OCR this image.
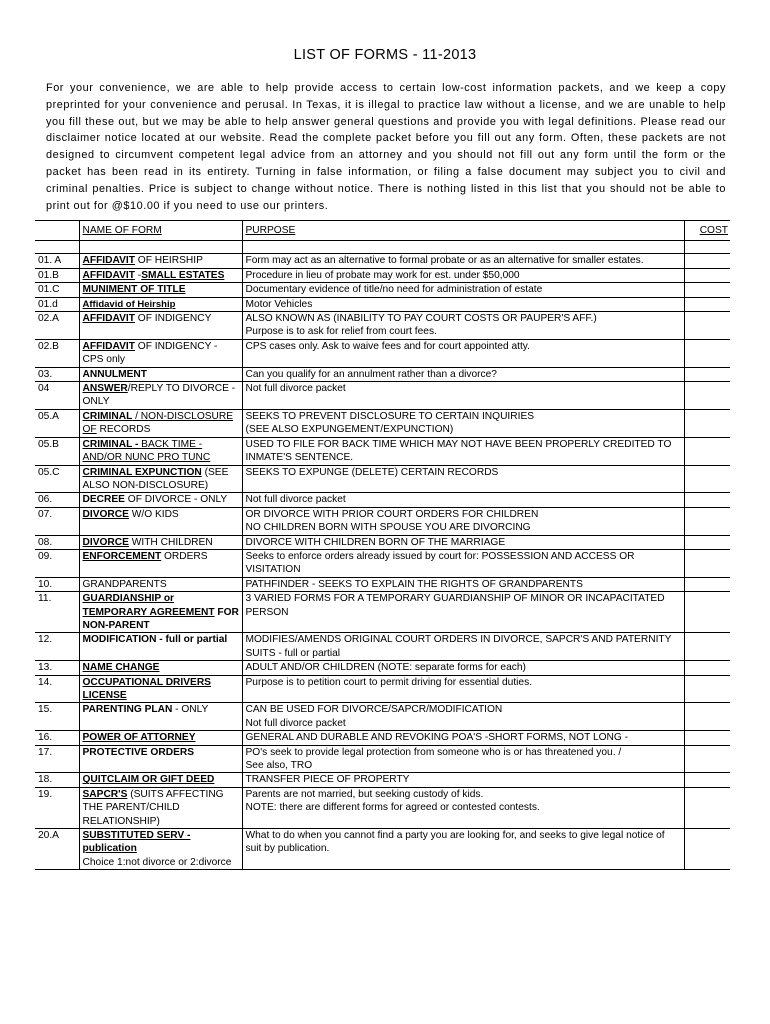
LIST OF FORMS - 11-2013

For your convenience, we are able to help provide access to certain low-cost information packets, and we keep a copy preprinted for your convenience and perusal. In Texas, it is illegal to practice law without a license, and we are unable to help you fill these out, but we may be able to help answer general questions and provide you with legal definitions. Please read our disclaimer notice located at our website. Read the complete packet before you fill out any form. Often, these packets are not designed to circumvent competent legal advice from an attorney and you should not fill out any form until the form or the packet has been read in its entirety. Turning in false information, or filing a false document may subject you to civil and criminal penalties. Price is subject to change without notice. There is nothing listed in this list that you should not be able to print out for @$10.00 if you need to use our printers.

	NAME OF FORM	PURPOSE	COST

01. A	AFFIDAVIT OF HEIRSHIP	Form may act as an alternative to formal probate or as an alternative for smaller estates.	

01.B	AFFIDAVIT -SMALL ESTATES	Procedure in lieu of probate may work for est. under $50,000	

01.C	MUNIMENT OF TITLE	Documentary evidence of title/no need for administration of estate	

01.d	Affidavid of Heirship	Motor Vehicles	

02.A	AFFIDAVIT OF INDIGENCY	ALSO KNOWN AS (INABILITY TO PAY COURT COSTS OR PAUPER'S AFF.)
Purpose is to ask for relief from court fees.	

02.B	AFFIDAVIT OF INDIGENCY - CPS only	CPS cases only. Ask to waive fees and for court appointed atty.	

03.	ANNULMENT	Can you qualify for an annulment rather than a divorce?	

04	ANSWER/REPLY TO DIVORCE - ONLY	Not full divorce packet	

05.A	CRIMINAL / NON-DISCLOSURE OF RECORDS	SEEKS TO PREVENT DISCLOSURE TO CERTAIN INQUIRIES
(SEE ALSO EXPUNGEMENT/EXPUNCTION)	

05.B	CRIMINAL - BACK TIME - AND/OR NUNC PRO TUNC	USED TO FILE FOR BACK TIME WHICH MAY NOT HAVE BEEN PROPERLY CREDITED TO INMATE'S SENTENCE.	

05.C	CRIMINAL EXPUNCTION (SEE ALSO NON-DISCLOSURE)	SEEKS TO EXPUNGE (DELETE) CERTAIN RECORDS	

06.	DECREE OF DIVORCE - ONLY	Not full divorce packet	

07.	DIVORCE W/O KIDS	OR DIVORCE WITH PRIOR COURT ORDERS FOR CHILDREN
NO CHILDREN BORN WITH SPOUSE YOU ARE DIVORCING	

08.	DIVORCE WITH CHILDREN	DIVORCE WITH CHILDREN BORN OF THE MARRIAGE	

09.	ENFORCEMENT ORDERS	Seeks to enforce orders already issued by court for: POSSESSION AND ACCESS OR VISITATION	

10.	GRANDPARENTS	PATHFINDER - SEEKS TO EXPLAIN THE RIGHTS OF GRANDPARENTS	

11.	GUARDIANSHIP or TEMPORARY AGREEMENT FOR NON-PARENT	3 VARIED FORMS FOR A TEMPORARY GUARDIANSHIP OF MINOR OR INCAPACITATED PERSON	

12.	MODIFICATION - full or partial	MODIFIES/AMENDS ORIGINAL COURT ORDERS IN DIVORCE, SAPCR'S AND PATERNITY SUITS - full or partial	

13.	NAME CHANGE	ADULT AND/OR CHILDREN (NOTE: separate forms for each)	

14.	OCCUPATIONAL DRIVERS LICENSE	Purpose is to petition court to permit driving for essential duties.	

15.	PARENTING PLAN - ONLY	CAN BE USED FOR DIVORCE/SAPCR/MODIFICATION
Not full divorce packet	

16.	POWER OF ATTORNEY	GENERAL AND DURABLE AND REVOKING POA'S -SHORT FORMS, NOT LONG -	

17.	PROTECTIVE ORDERS	PO's seek to provide legal protection from someone who is or has threatened you. /
See also, TRO	

18.	QUITCLAIM OR GIFT DEED	TRANSFER PIECE OF PROPERTY	

19.	SAPCR'S (SUITS AFFECTING THE PARENT/CHILD RELATIONSHIP)	Parents are not married, but seeking custody of kids.
NOTE: there are different forms for agreed or contested contests.	

20.A	SUBSTITUTED SERV - publication
Choice 1:not divorce or 2:divorce	What to do when you cannot find a party you are looking for, and seeks to give legal notice of suit by publication.	
